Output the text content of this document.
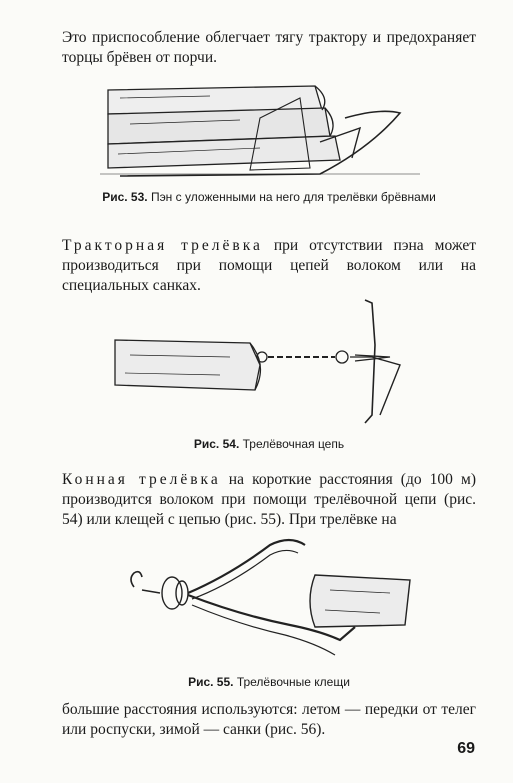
Это приспособление облегчает тягу трактору и предохраняет торцы брёвен от порчи.

Рис. 53. Пэн с уложенными на него для трелёвки брёвнами

Тракторная трелёвка при отсутствии пэна может производиться при помощи цепей волоком или на специальных санках.

Рис. 54. Трелёвочная цепь

Конная трелёвка на короткие расстояния (до 100 м) производится волоком при помощи трелёвочной цепи (рис. 54) или клещей с цепью (рис. 55). При трелёвке на

Рис. 55. Трелёвочные клещи

большие расстояния используются: летом — передки от телег или роспуски, зимой — санки (рис. 56).

69
